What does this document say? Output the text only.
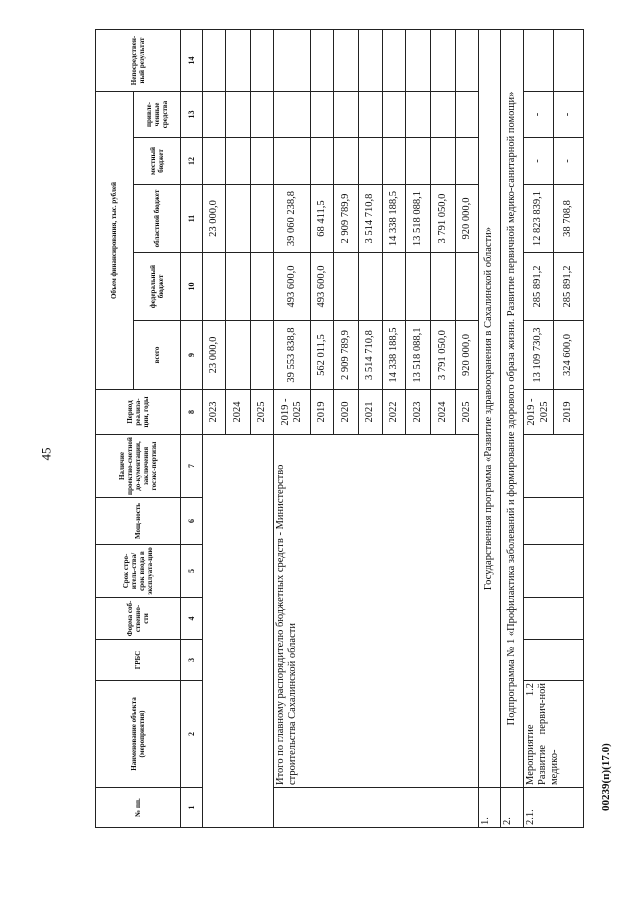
45
00239(п)(17.0)
№ пп.	Наименование объекта (мероприятия)	ГРБС	Форма соб-ственно-сти	Срок стро-итель-ства/срок ввода в эксплуата-цию	Мощ-ность	Наличие проектно-сметной до-кументации, заключения госэкс-пертизы	Период реализа-ции, годы	Объем финансирования, тыс. рублей					Непосредствен-ный результат
								всего	федеральный бюджет	областной бюджет	местный бюджет	привле-ченные средства	
1	2	3	4	5	6	7	8	9	10	11	12	13	14
							2023	23 000,0		23 000,0			
							2024						
							2025						
	Итого по главному распорядителю бюджетных средств - Министерство строительства Сахалинской области						2019 - 2025	39 553 838,8	493 600,0	39 060 238,8			
							2019	562 011,5	493 600,0	68 411,5			
							2020	2 909 789,9		2 909 789,9			
							2021	3 514 710,8		3 514 710,8			
							2022	14 338 188,5		14 338 188,5			
							2023	13 518 088,1		13 518 088,1			
							2024	3 791 050,0		3 791 050,0			
							2025	920 000,0		920 000,0			
1.	Государственная программа «Развитие здравоохранения в Сахалинской области»												
2.	Подпрограмма № 1 «Профилактика заболеваний и формирование здорового образа жизни. Развитие первичной медико-санитарной помощи»												
2.1.	Мероприятие 1.2 Развитие первич-ной медико-						2019 - 2025	13 109 730,3	285 891,2	12 823 839,1	-	-	
							2019	324 600,0	285 891,2	38 708,8	-	-	
